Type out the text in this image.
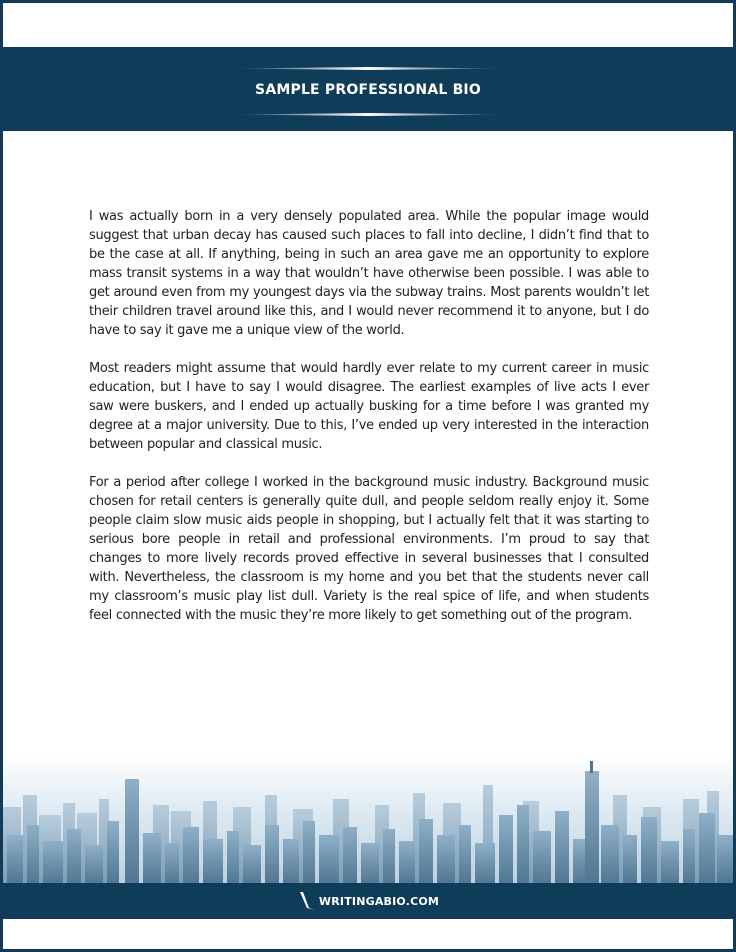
SAMPLE PROFESSIONAL BIO

I was actually born in a very densely populated area. While the popular image would suggest that urban decay has caused such places to fall into decline, I didn’t find that to be the case at all. If anything, being in such an area gave me an opportunity to explore mass transit systems in a way that wouldn’t have otherwise been possible. I was able to get around even from my youngest days via the subway trains. Most parents wouldn’t let their children travel around like this, and I would never recommend it to anyone, but I do have to say it gave me a unique view of the world.

Most readers might assume that would hardly ever relate to my current career in music education, but I have to say I would disagree. The earliest examples of live acts I ever saw were buskers, and I ended up actually busking for a time before I was granted my degree at a major university. Due to this, I’ve ended up very interested in the interaction between popular and classical music.

For a period after college I worked in the background music industry. Background music chosen for retail centers is generally quite dull, and people seldom really enjoy it. Some people claim slow music aids people in shopping, but I actually felt that it was starting to serious bore people in retail and professional environments. I’m proud to say that changes to more lively records proved effective in several businesses that I consulted with. Nevertheless, the classroom is my home and you bet that the students never call my classroom’s music play list dull. Variety is the real spice of life, and when students feel connected with the music they’re more likely to get something out of the program.

WRITINGABIO.COM
